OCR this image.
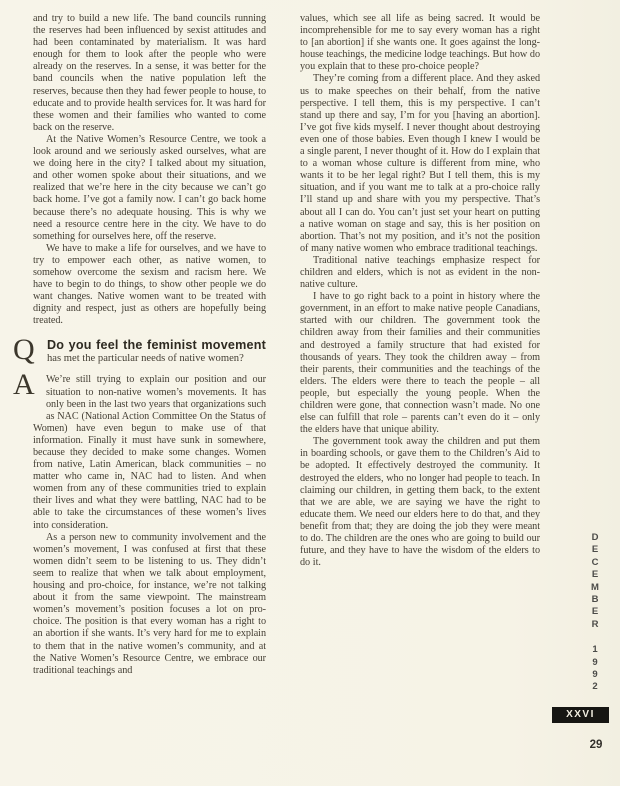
and try to build a new life. The band councils running the reserves had been influenced by sexist attitudes and had been contaminated by materialism. It was hard enough for them to look after the people who were already on the reserves. In a sense, it was better for the band councils when the native population left the reserves, because then they had fewer people to house, to educate and to provide health services for. It was hard for these women and their families who wanted to come back on the reserve.

At the Native Women’s Resource Centre, we took a look around and we seriously asked ourselves, what are we doing here in the city? I talked about my situation, and other women spoke about their situations, and we realized that we’re here in the city because we can’t go back home. I’ve got a family now. I can’t go back home because there’s no adequate housing. This is why we need a resource centre here in the city. We have to do something for ourselves here, off the reserve.

We have to make a life for ourselves, and we have to try to empower each other, as native women, to somehow overcome the sexism and racism here. We have to begin to do things, to show other people we do want changes. Native women want to be treated with dignity and respect, just as others are hopefully being treated.

Q Do you feel the feminist movement
has met the particular needs of native women?
A	We’re still trying to explain our position and our situation to non-native women’s movements. It has only been in the last two years that organizations such as NAC (National Action Committee On the Status of Women) have even begun to make use of that information. Finally it must have sunk in somewhere, because they decided to make some changes. Women from native, Latin American, black communities – no matter who came in, NAC had to listen. And when women from any of these communities tried to explain their lives and what they were battling, NAC had to be able to take the circumstances of these women’s lives into consideration.

As a person new to community involvement and the women’s movement, I was confused at first that these women didn’t seem to be listening to us. They didn’t seem to realize that when we talk about employment, housing and pro-choice, for instance, we’re not talking about it from the same viewpoint. The mainstream women’s movement’s position focuses a lot on pro-choice. The position is that every woman has a right to an abortion if she wants. It’s very hard for me to explain to them that in the native women’s community, and at the Native Women’s Resource Centre, we embrace our traditional teachings and

values, which see all life as being sacred. It would be incomprehensible for me to say every woman has a right to [an abortion] if she wants one. It goes against the long-house teachings, the medicine lodge teachings. But how do you explain that to these pro-choice people?

They’re coming from a different place. And they asked us to make speeches on their behalf, from the native perspective. I tell them, this is my perspective. I can’t stand up there and say, I’m for you [having an abortion]. I’ve got five kids myself. I never thought about destroying even one of those babies. Even though I knew I would be a single parent, I never thought of it. How do I explain that to a woman whose culture is different from mine, who wants it to be her legal right? But I tell them, this is my situation, and if you want me to talk at a pro-choice rally I’ll stand up and share with you my perspective. That’s about all I can do. You can’t just set your heart on putting a native woman on stage and say, this is her position on abortion. That’s not my position, and it’s not the position of many native women who embrace traditional teachings.

Traditional native teachings emphasize respect for children and elders, which is not as evident in the non-native culture.

I have to go right back to a point in history where the government, in an effort to make native people Canadians, started with our children. The government took the children away from their families and their communities and destroyed a family structure that had existed for thousands of years. They took the children away – from their parents, their communities and the teachings of the elders. The elders were there to teach the people – all people, but especially the young people. When the children were gone, that connection wasn’t made. No one else can fulfill that role – parents can’t even do it – only the elders have that unique ability.

The government took away the children and put them in boarding schools, or gave them to the Children’s Aid to be adopted. It effectively destroyed the community. It destroyed the elders, who no longer had people to teach. In claiming our children, in getting them back, to the extent that we are able, we are saying we have the right to educate them. We need our elders here to do that, and they benefit from that; they are doing the job they were meant to do. The children are the ones who are going to build our future, and they have to have the wisdom of the elders to do it.

D
E
C
E
M
B
E
R
1
9
9
2
XXVI
29
